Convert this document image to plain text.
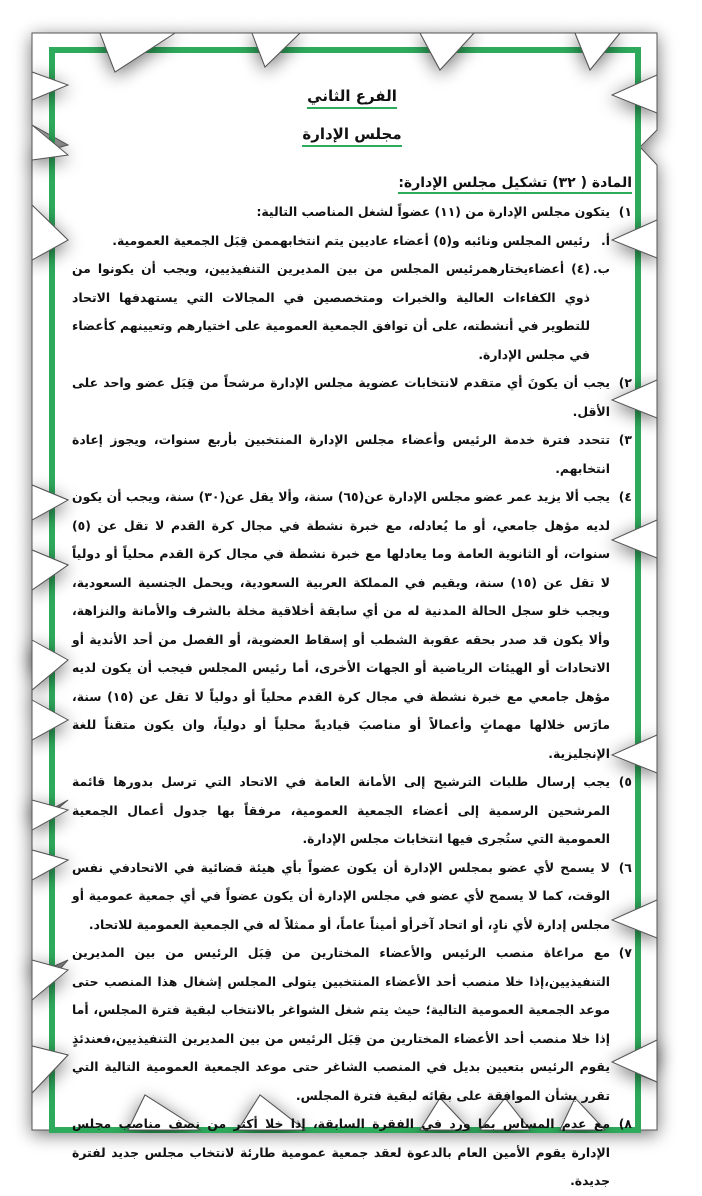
الفرع الثاني
مجلس الإدارة
المادة ( ٣٢) تشكيل مجلس الإدارة:
١)
يتكون مجلس الإدارة من (١١) عضواً لشغل المناصب التالية:
أ.
رئيس المجلس ونائبه و(٥) أعضاء عاديين يتم انتخابهممن قِبَل الجمعية العمومية.
ب.
(٤) أعضاءيختارهمرئيس المجلس من بين المديرين التنفيذيين، ويجب أن يكونوا من ذوي الكفاءات العالية والخبرات ومتخصصين في المجالات التي يستهدفها الاتحاد للتطوير في أنشطته، على أن توافق الجمعية العمومية على اختيارهم وتعيينهم كأعضاء في مجلس الإدارة.
٢)
يجب أن يكونَ أي متقدم لانتخابات عضوية مجلس الإدارة مرشحاً من قِبَل عضو واحد على الأقل.
٣)
تتحدد فترة خدمة الرئيس وأعضاء مجلس الإدارة المنتخبين بأربع سنوات، ويجوز إعادة انتخابهم.
٤)
يجب ألا يزيد عمر عضو مجلس الإدارة عن(٦٥) سنة، وألا يقل عن(٣٠) سنة، ويجب أن يكون لديه مؤهل جامعي، أو ما يُعادله، مع خبرة نشطة في مجال كرة القدم لا تقل عن (٥) سنوات، أو الثانوية العامة وما يعادلها مع خبرة نشطة في مجال كرة القدم محلياً أو دولياً لا تقل عن (١٥) سنة، ويقيم في المملكة العربية السعودية، ويحمل الجنسية السعودية، ويجب خلو سجل الحالة المدنية له من أي سابقة أخلاقية مخلة بالشرف والأمانة والنزاهة، وألا يكون قد صدر بحقه عقوبة الشطب أو إسقاط العضوية، أو الفصل من أحد الأندية أو الاتحادات أو الهيئات الرياضية أو الجهات الأخرى، أما رئيس المجلس فيجب أن يكون لديه مؤهل جامعي مع خبرة نشطة في مجال كرة القدم محلياً أو دولياً لا تقل عن (١٥) سنة، مارَس خلالها مهماتٍ وأعمالاً أو مناصبَ قياديةً محلياً أو دولياً، وان يكون متقناً للغة الإنجليزية.
٥)
يجب إرسال طلبات الترشيح إلى الأمانة العامة في الاتحاد التي ترسل بدورها قائمة المرشحين الرسمية إلى أعضاء الجمعية العمومية، مرفقاً بها جدول أعمال الجمعية العمومية التي ستُجرى فيها انتخابات مجلس الإدارة.
٦)
لا يسمح لأي عضو بمجلس الإدارة أن يكون عضواً بأي هيئة قضائية في الاتحادفي نفس الوقت، كما لا يسمح لأي عضو في مجلس الإدارة أن يكون عضواً في أي جمعية عمومية أو مجلس إدارة لأي نادٍ، أو اتحاد آخرأو أميناً عاماً، أو ممثلاً له في الجمعية العمومية للاتحاد.
٧)
مع مراعاة منصب الرئيس والأعضاء المختارين من قِبَل الرئيس من بين المديرين التنفيذيين،إذا خلا منصب أحد الأعضاء المنتخبين يتولى المجلس إشغال هذا المنصب حتى موعد الجمعية العمومية التالية؛ حيث يتم شغل الشواغر بالانتخاب لبقية فترة المجلس، أما إذا خلا منصب أحد الأعضاء المختارين من قِبَل الرئيس من بين المديرين التنفيذيين،فعندئذٍ يقوم الرئيس بتعيين بديل في المنصب الشاغر حتى موعد الجمعية العمومية التالية التي تقرر بشأن الموافقة على بقائه لبقية فترة المجلس.
٨)
مع عدم المساس بما ورد في الفقرة السابقة، إذا خلا أكثر من نصف مناصب مجلس الإدارة يقوم الأمين العام بالدعوة لعقد جمعية عمومية طارئة لانتخاب مجلس جديد لفترة جديدة.
